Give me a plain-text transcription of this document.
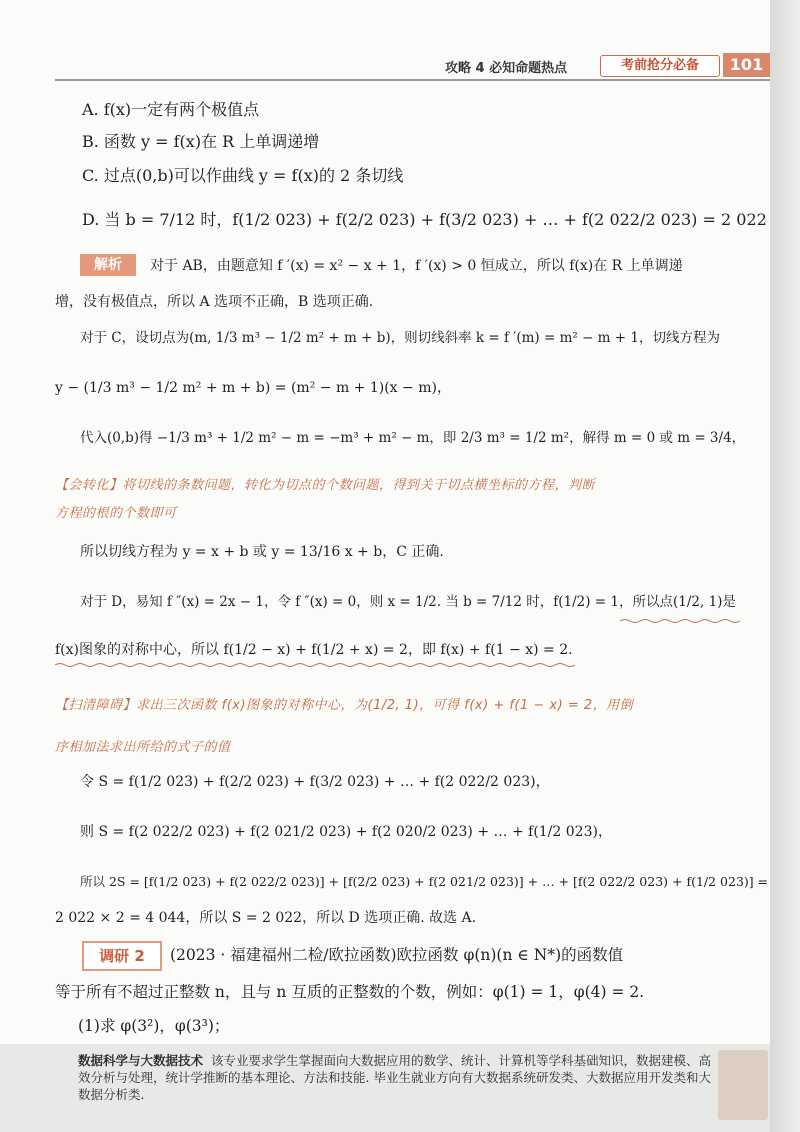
攻略 4 必知命题热点	考前抢分必备	101
A. f(x)一定有两个极值点
B. 函数 y = f(x)在 R 上单调递增
C. 过点(0,b)可以作曲线 y = f(x)的 2 条切线
D. 当 b = 7/12 时，f(1/2 023) + f(2/2 023) + f(3/2 023) + … + f(2 022/2 023) = 2 022
解析	对于 AB，由题意知 f ′(x) = x² − x + 1，f ′(x) > 0 恒成立，所以 f(x)在 R 上单调递
增，没有极值点，所以 A 选项不正确，B 选项正确.
对于 C，设切点为(m, 1/3 m³ − 1/2 m² + m + b)，则切线斜率 k = f ′(m) = m² − m + 1，切线方程为
y − (1/3 m³ − 1/2 m² + m + b) = (m² − m + 1)(x − m)，
代入(0,b)得 −1/3 m³ + 1/2 m² − m = −m³ + m² − m，即 2/3 m³ = 1/2 m²，解得 m = 0 或 m = 3/4，
【会转化】将切线的条数问题，转化为切点的个数问题，得到关于切点横坐标的方程，判断
方程的根的个数即可
所以切线方程为 y = x + b 或 y = 13/16 x + b，C 正确.
对于 D，易知 f ″(x) = 2x − 1，令 f ″(x) = 0，则 x = 1/2. 当 b = 7/12 时，f(1/2) = 1，所以点(1/2, 1)是
f(x)图象的对称中心，所以 f(1/2 − x) + f(1/2 + x) = 2，即 f(x) + f(1 − x) = 2.
【扫清障碍】求出三次函数 f(x)图象的对称中心，为(1/2, 1)，可得 f(x) + f(1 − x) = 2，用倒
序相加法求出所给的式子的值
令 S = f(1/2 023) + f(2/2 023) + f(3/2 023) + … + f(2 022/2 023)，
则 S = f(2 022/2 023) + f(2 021/2 023) + f(2 020/2 023) + … + f(1/2 023)，
所以 2S = [f(1/2 023) + f(2 022/2 023)] + [f(2/2 023) + f(2 021/2 023)] + … + [f(2 022/2 023) + f(1/2 023)] =
2 022 × 2 = 4 044，所以 S = 2 022，所以 D 选项正确. 故选 A.
调研 2	(2023 · 福建福州二检/欧拉函数)欧拉函数 φ(n)(n ∈ N*)的函数值
等于所有不超过正整数 n，且与 n 互质的正整数的个数，例如：φ(1) = 1，φ(4) = 2.
(1)求 φ(3²)，φ(3³)；
数据科学与大数据技术 该专业要求学生掌握面向大数据应用的数学、统计、计算机等学科基础知识，数据建模、高效分析与处理，统计学推断的基本理论、方法和技能. 毕业生就业方向有大数据系统研发类、大数据应用开发类和大数据分析类.
